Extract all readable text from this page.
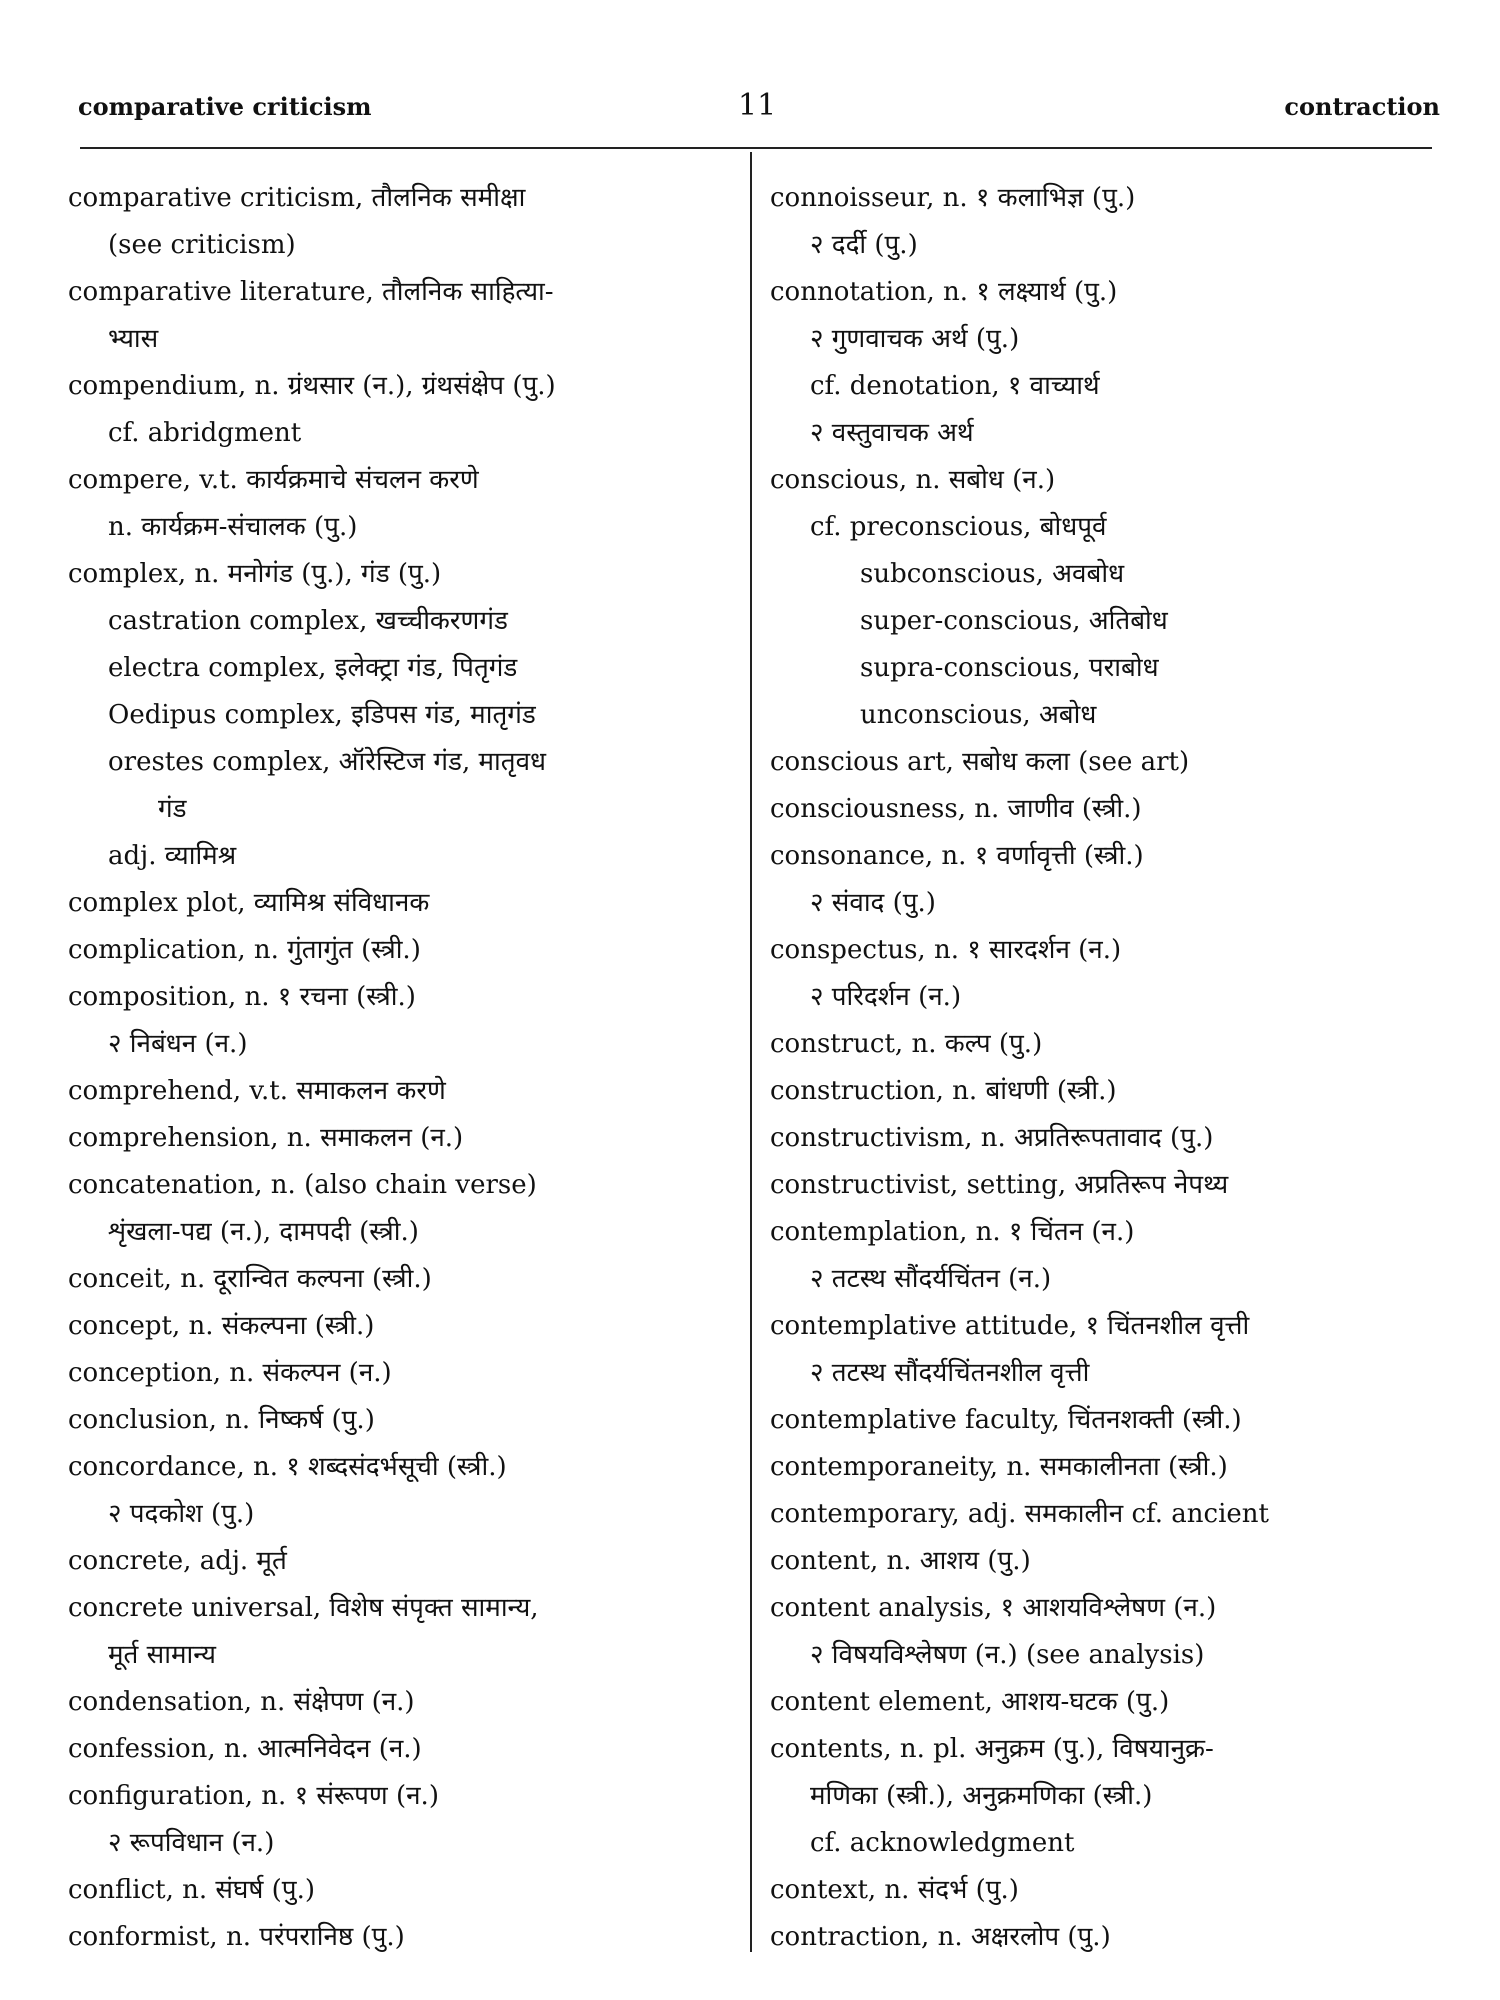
comparative criticism	11	contraction
comparative criticism, तौलनिक समीक्षा
(see criticism)
comparative literature, तौलनिक साहित्या-
भ्यास
compendium, n. ग्रंथसार (न.), ग्रंथसंक्षेप (पु.)
cf. abridgment
compere, v.t. कार्यक्रमाचे संचलन करणे
n. कार्यक्रम-संचालक (पु.)
complex, n. मनोगंड (पु.), गंड (पु.)
castration complex, खच्चीकरणगंड
electra complex, इलेक्ट्रा गंड, पितृगंड
Oedipus complex, इडिपस गंड, मातृगंड
orestes complex, ऑरेस्टिज गंड, मातृवध
गंड
adj. व्यामिश्र
complex plot, व्यामिश्र संविधानक
complication, n. गुंतागुंत (स्त्री.)
composition, n. १ रचना (स्त्री.)
२ निबंधन (न.)
comprehend, v.t. समाकलन करणे
comprehension, n. समाकलन (न.)
concatenation, n. (also chain verse)
शृंखला-पद्य (न.), दामपदी (स्त्री.)
conceit, n. दूरान्वित कल्पना (स्त्री.)
concept, n. संकल्पना (स्त्री.)
conception, n. संकल्पन (न.)
conclusion, n. निष्कर्ष (पु.)
concordance, n. १ शब्दसंदर्भसूची (स्त्री.)
२ पदकोश (पु.)
concrete, adj. मूर्त
concrete universal, विशेष संपृक्त सामान्य,
मूर्त सामान्य
condensation, n. संक्षेपण (न.)
confession, n. आत्मनिवेदन (न.)
configuration, n. १ संरूपण (न.)
२ रूपविधान (न.)
conflict, n. संघर्ष (पु.)
conformist, n. परंपरानिष्ठ (पु.)
connoisseur, n. १ कलाभिज्ञ (पु.)
२ दर्दी (पु.)
connotation, n. १ लक्ष्यार्थ (पु.)
२ गुणवाचक अर्थ (पु.)
cf. denotation, १ वाच्यार्थ
२ वस्तुवाचक अर्थ
conscious, n. सबोध (न.)
cf. preconscious, बोधपूर्व
subconscious, अवबोध
super-conscious, अतिबोध
supra-conscious, पराबोध
unconscious, अबोध
conscious art, सबोध कला (see art)
consciousness, n. जाणीव (स्त्री.)
consonance, n. १ वर्णावृत्ती (स्त्री.)
२ संवाद (पु.)
conspectus, n. १ सारदर्शन (न.)
२ परिदर्शन (न.)
construct, n. कल्प (पु.)
construction, n. बांधणी (स्त्री.)
constructivism, n. अप्रतिरूपतावाद (पु.)
constructivist, setting, अप्रतिरूप नेपथ्य
contemplation, n. १ चिंतन (न.)
२ तटस्थ सौंदर्यचिंतन (न.)
contemplative attitude, १ चिंतनशील वृत्ती
२ तटस्थ सौंदर्यचिंतनशील वृत्ती
contemplative faculty, चिंतनशक्ती (स्त्री.)
contemporaneity, n. समकालीनता (स्त्री.)
contemporary, adj. समकालीन cf. ancient
content, n. आशय (पु.)
content analysis, १ आशयविश्लेषण (न.)
२ विषयविश्लेषण (न.) (see analysis)
content element, आशय-घटक (पु.)
contents, n. pl. अनुक्रम (पु.), विषयानुक्र-
मणिका (स्त्री.), अनुक्रमणिका (स्त्री.)
cf. acknowledgment
context, n. संदर्भ (पु.)
contraction, n. अक्षरलोप (पु.)
